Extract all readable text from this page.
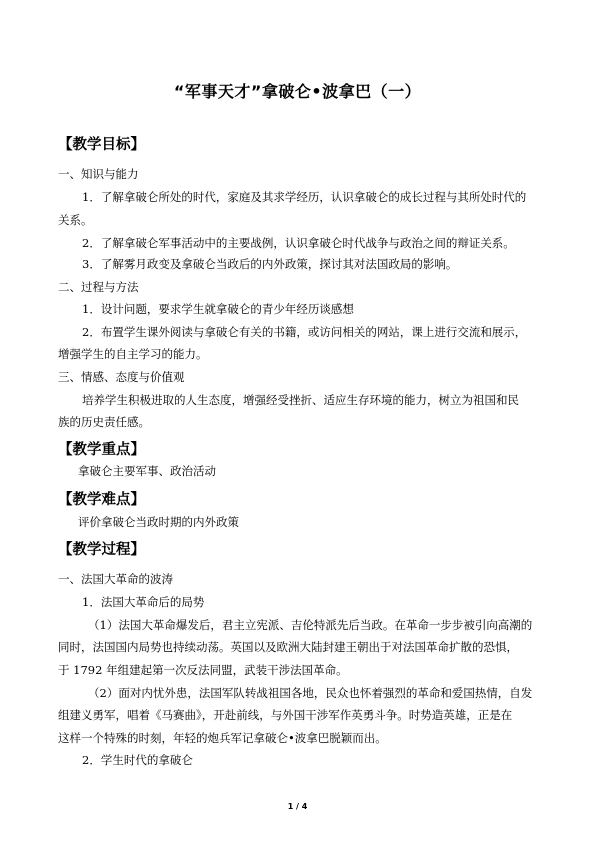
“军事天才”拿破仑•波拿巴（一）
【教学目标】
一、知识与能力
1．了解拿破仑所处的时代，家庭及其求学经历，认识拿破仑的成长过程与其所处时代的
关系。
2．了解拿破仑军事活动中的主要战例，认识拿破仑时代战争与政治之间的辩证关系。
3．了解雾月政变及拿破仑当政后的内外政策，探讨其对法国政局的影响。
二、过程与方法
1．设计问题，要求学生就拿破仑的青少年经历谈感想
2．布置学生课外阅读与拿破仑有关的书籍，或访问相关的网站，课上进行交流和展示，
增强学生的自主学习的能力。
三、情感、态度与价值观
培养学生积极进取的人生态度，增强经受挫折、适应生存环境的能力，树立为祖国和民
族的历史责任感。
【教学重点】
拿破仑主要军事、政治活动
【教学难点】
评价拿破仑当政时期的内外政策
【教学过程】
一、法国大革命的波涛
1．法国大革命后的局势
（1）法国大革命爆发后，君主立宪派、吉伦特派先后当政。在革命一步步被引向高潮的
同时，法国国内局势也持续动荡。英国以及欧洲大陆封建王朝出于对法国革命扩散的恐惧，
于 1792 年组建起第一次反法同盟，武装干涉法国革命。
（2）面对内忧外患，法国军队转战祖国各地，民众也怀着强烈的革命和爱国热情，自发
组建义勇军，唱着《马赛曲》，开赴前线，与外国干涉军作英勇斗争。时势造英雄，正是在
这样一个特殊的时刻，年轻的炮兵军记拿破仑•波拿巴脱颖而出。
2．学生时代的拿破仑
1 / 4
